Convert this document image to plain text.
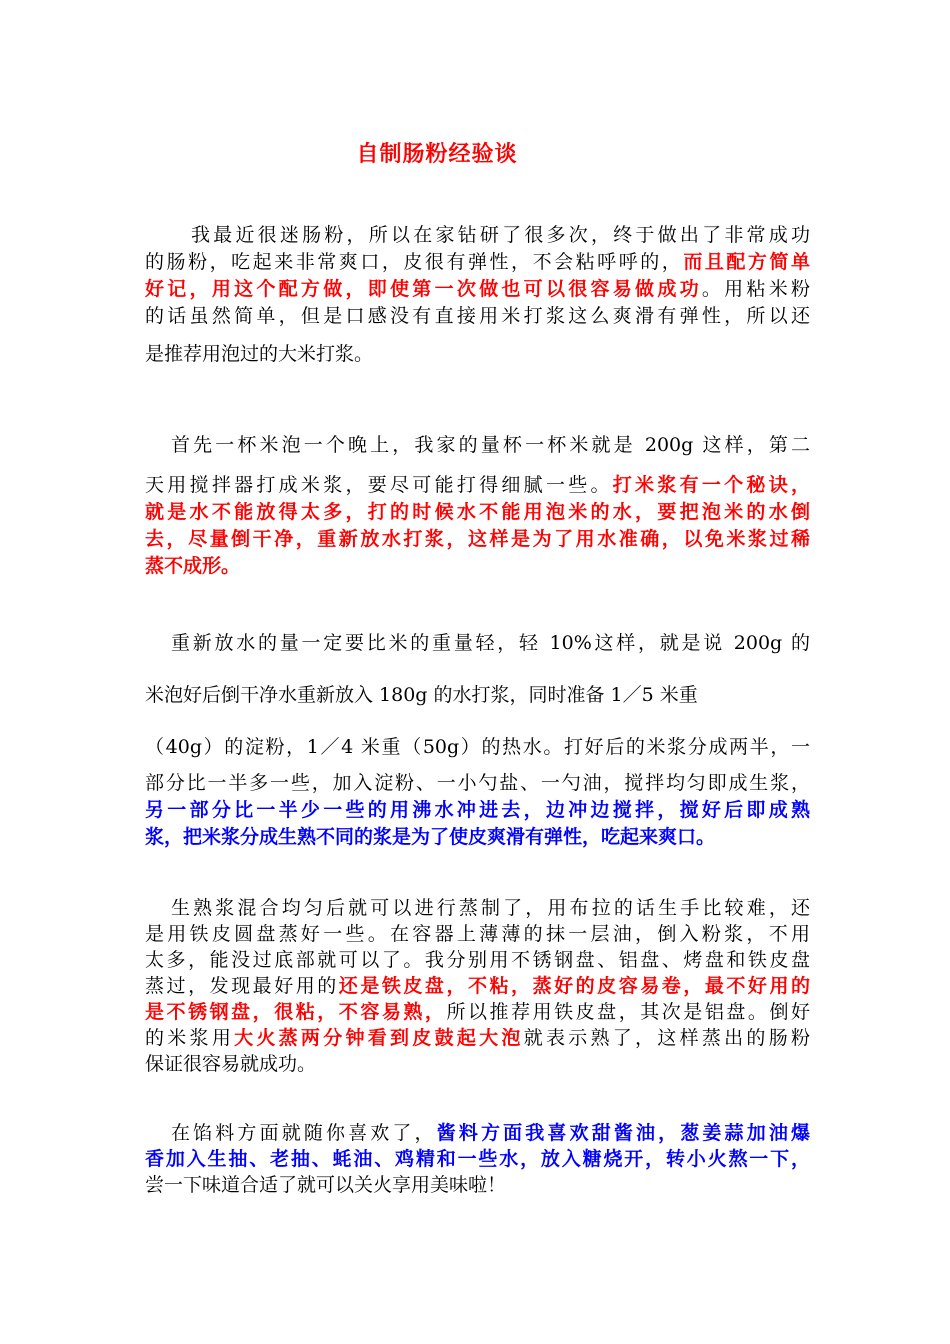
自制肠粉经验谈
我最近很迷肠粉，所以在家钻研了很多次，终于做出了非常成功
的肠粉，吃起来非常爽口，皮很有弹性，不会粘呼呼的，而且配方简单
好记，用这个配方做，即使第一次做也可以很容易做成功。用粘米粉
的话虽然简单，但是口感没有直接用米打浆这么爽滑有弹性，所以还
是推荐用泡过的大米打浆。
首先一杯米泡一个晚上，我家的量杯一杯米就是 200g 这样，第二
天用搅拌器打成米浆，要尽可能打得细腻一些。打米浆有一个秘诀，
就是水不能放得太多，打的时候水不能用泡米的水，要把泡米的水倒
去，尽量倒干净，重新放水打浆，这样是为了用水准确，以免米浆过稀
蒸不成形。
重新放水的量一定要比米的重量轻，轻 10%这样，就是说 200g 的
米泡好后倒干净水重新放入 180g 的水打浆，同时准备 1／5 米重
（40g）的淀粉，1／4 米重（50g）的热水。打好后的米浆分成两半，一
部分比一半多一些，加入淀粉、一小勺盐、一勺油，搅拌均匀即成生浆，
另一部分比一半少一些的用沸水冲进去，边冲边搅拌，搅好后即成熟
浆，把米浆分成生熟不同的浆是为了使皮爽滑有弹性，吃起来爽口。
生熟浆混合均匀后就可以进行蒸制了，用布拉的话生手比较难，还
是用铁皮圆盘蒸好一些。在容器上薄薄的抹一层油，倒入粉浆，不用
太多，能没过底部就可以了。我分别用不锈钢盘、铝盘、烤盘和铁皮盘
蒸过，发现最好用的还是铁皮盘，不粘，蒸好的皮容易卷，最不好用的
是不锈钢盘，很粘，不容易熟，所以推荐用铁皮盘，其次是铝盘。倒好
的米浆用大火蒸两分钟看到皮鼓起大泡就表示熟了，这样蒸出的肠粉
保证很容易就成功。
在馅料方面就随你喜欢了，酱料方面我喜欢甜酱油，葱姜蒜加油爆
香加入生抽、老抽、蚝油、鸡精和一些水，放入糖烧开，转小火熬一下，
尝一下味道合适了就可以关火享用美味啦！
